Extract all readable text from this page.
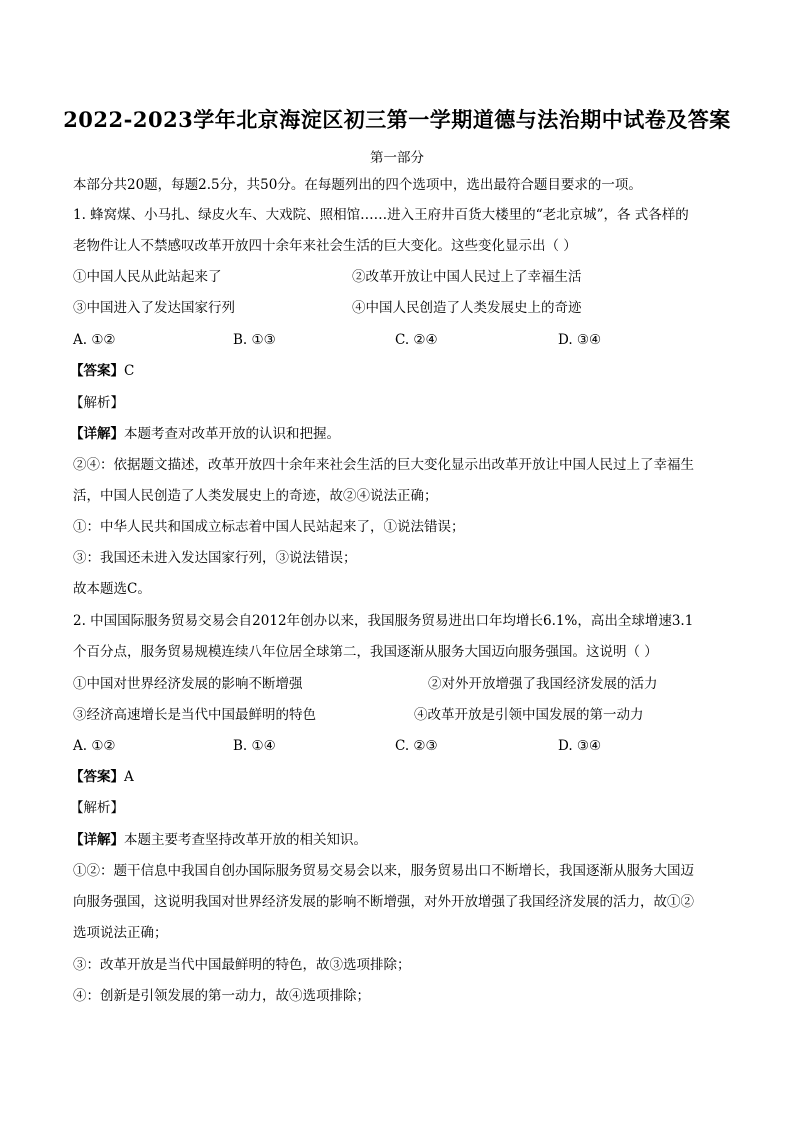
2022-2023学年北京海淀区初三第一学期道德与法治期中试卷及答案
第一部分
本部分共20题，每题2.5分，共50分。在每题列出的四个选项中，选出最符合题目要求的一项。
1. 蜂窝煤、小马扎、绿皮火车、大戏院、照相馆……进入王府井百货大楼里的“老北京城”，各 式各样的
老物件让人不禁感叹改革开放四十余年来社会生活的巨大变化。这些变化显示出（ ）
①中国人民从此站起来了	②改革开放让中国人民过上了幸福生活
③中国进入了发达国家行列	④中国人民创造了人类发展史上的奇迹
A. ①②	B. ①③	C. ②④	D. ③④
【答案】C
【解析】
【详解】本题考查对改革开放的认识和把握。
②④：依据题文描述，改革开放四十余年来社会生活的巨大变化显示出改革开放让中国人民过上了幸福生
活，中国人民创造了人类发展史上的奇迹，故②④说法正确；
①：中华人民共和国成立标志着中国人民站起来了，①说法错误；
③：我国还未进入发达国家行列，③说法错误；
故本题选C。
2. 中国国际服务贸易交易会自2012年创办以来，我国服务贸易进出口年均增长6.1%，高出全球增速3.1
个百分点，服务贸易规模连续八年位居全球第二，我国逐渐从服务大国迈向服务强国。这说明（ ）
①中国对世界经济发展的影响不断增强	②对外开放增强了我国经济发展的活力
③经济高速增长是当代中国最鲜明的特色	④改革开放是引领中国发展的第一动力
A. ①②	B. ①④	C. ②③	D. ③④
【答案】A
【解析】
【详解】本题主要考查坚持改革开放的相关知识。
①②：题干信息中我国自创办国际服务贸易交易会以来，服务贸易出口不断增长，我国逐渐从服务大国迈
向服务强国，这说明我国对世界经济发展的影响不断增强，对外开放增强了我国经济发展的活力，故①②
选项说法正确；
③：改革开放是当代中国最鲜明的特色，故③选项排除；
④：创新是引领发展的第一动力，故④选项排除；
